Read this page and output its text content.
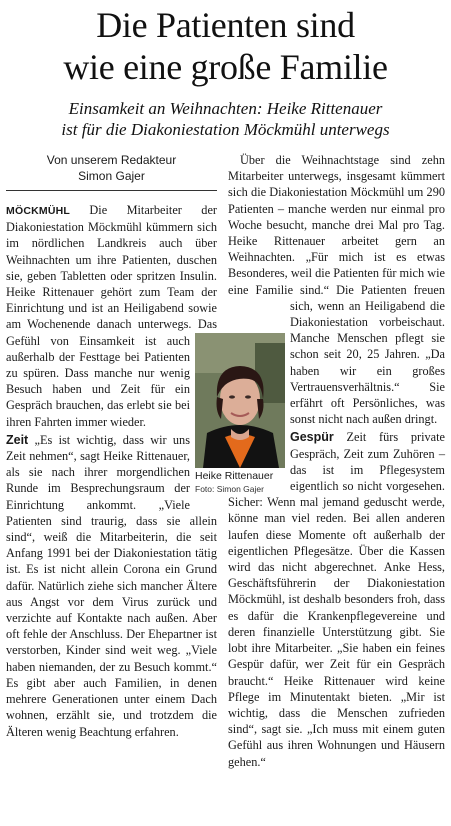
Die Patienten sind
wie eine große Familie
Einsamkeit an Weihnachten: Heike Rittenauer
ist für die Diakoniestation Möckmühl unterwegs
Von unserem Redakteur
Simon Gajer

MÖCKMÜHL Die Mitarbeiter der Diakoniestation Möckmühl kümmern sich im nördlichen Landkreis auch über Weihnachten um ihre Patienten, duschen sie, geben Tabletten oder spritzen Insulin. Heike Rittenauer gehört zum Team der Einrichtung und ist an Heiligabend sowie am Wochenende danach unterwegs. Das Gefühl von Einsamkeit ist auch außerhalb der Festtage bei Patienten zu spüren. Dass manche nur wenig Besuch haben und Zeit für ein Gespräch brauchen, das erlebt sie bei ihren Fahrten immer wieder.

Zeit „Es ist wichtig, dass wir uns Zeit nehmen“, sagt Heike Rittenauer, als sie nach ihrer morgendlichen Runde im Besprechungsraum der Einrichtung ankommt. „Viele Patienten sind traurig, dass sie allein sind“, weiß die Mitarbeiterin, die seit Anfang 1991 bei der Diakoniestation tätig ist. Es ist nicht allein Corona ein Grund dafür. Natürlich ziehe sich mancher Ältere aus Angst vor dem Virus zurück und verzichte auf Kontakte nach außen. Aber oft fehle der Anschluss. Der Ehepartner ist verstorben, Kinder sind weit weg. „Viele haben niemanden, der zu Besuch kommt.“ Es gibt aber auch Familien, in denen mehrere Generationen unter einem Dach wohnen, erzählt sie, und trotzdem die Älteren wenig Beachtung erfahren.

Über die Weihnachtstage sind zehn Mitarbeiter unterwegs, insgesamt kümmert sich die Diakoniestation Möckmühl um 290 Patienten – manche werden nur einmal pro Woche besucht, manche drei Mal pro Tag. Heike Rittenauer arbeitet gern an Weihnachten. „Für mich ist es etwas Besonderes, weil die Patienten für mich wie eine Familie sind.“ Die Patienten freuen sich, wenn an Heiligabend die Diakoniestation vorbeischaut. Manche Menschen pflegt sie schon seit 20, 25 Jahren. „Da haben wir ein großes Vertrauensverhältnis.“ Sie erfährt oft Persönliches, was sonst nicht nach außen dringt.

Gespür Zeit fürs private Gespräch, Zeit zum Zuhören – das ist im Pflegesystem eigentlich so nicht vorgesehen. Sicher: Wenn mal jemand geduscht werde, könne man viel reden. Bei allen anderen laufen diese Momente oft außerhalb der eigentlichen Pflegesätze. Über die Kassen wird das nicht abgerechnet. Anke Hess, Geschäftsführerin der Diakoniestation Möckmühl, ist deshalb besonders froh, dass es dafür die Krankenpflegevereine und deren finanzielle Unterstützung gibt. Sie lobt ihre Mitarbeiter. „Sie haben ein feines Gespür dafür, wer Zeit für ein Gespräch braucht.“ Heike Rittenauer wird keine Pflege im Minutentakt bieten. „Mir ist wichtig, dass die Menschen zufrieden sind“, sagt sie. „Ich muss mit einem guten Gefühl aus ihren Wohnungen und Häusern gehen.“

Heike Rittenauer
Foto: Simon Gajer
